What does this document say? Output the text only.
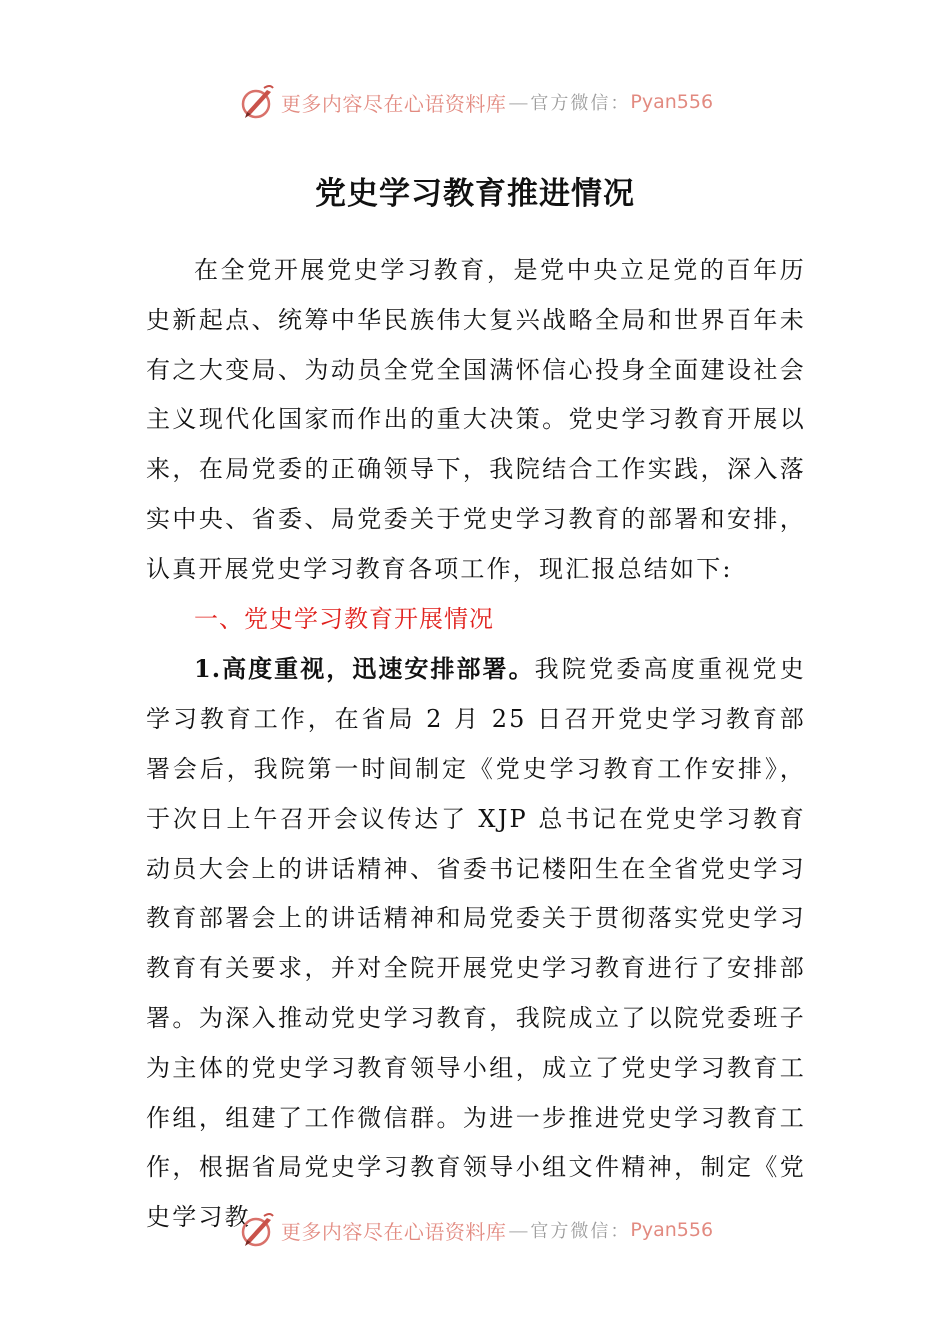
更多内容尽在心语资料库 — 官方微信： Pyan556
党史学习教育推进情况

在全党开展党史学习教育，是党中央立足党的百年历史新起点、统筹中华民族伟大复兴战略全局和世界百年未有之大变局、为动员全党全国满怀信心投身全面建设社会主义现代化国家而作出的重大决策。党史学习教育开展以来，在局党委的正确领导下，我院结合工作实践，深入落实中央、省委、局党委关于党史学习教育的部署和安排，认真开展党史学习教育各项工作，现汇报总结如下:

一、党史学习教育开展情况

1.高度重视，迅速安排部署。我院党委高度重视党史学习教育工作，在省局 2 月 25 日召开党史学习教育部署会后，我院第一时间制定《党史学习教育工作安排》，于次日上午召开会议传达了 XJP 总书记在党史学习教育动员大会上的讲话精神、省委书记楼阳生在全省党史学习教育部署会上的讲话精神和局党委关于贯彻落实党史学习教育有关要求，并对全院开展党史学习教育进行了安排部署。为深入推动党史学习教育，我院成立了以院党委班子为主体的党史学习教育领导小组，成立了党史学习教育工作组，组建了工作微信群。为进一步推进党史学习教育工作，根据省局党史学习教育领导小组文件精神，制定《党史学习教

更多内容尽在心语资料库 — 官方微信： Pyan556
